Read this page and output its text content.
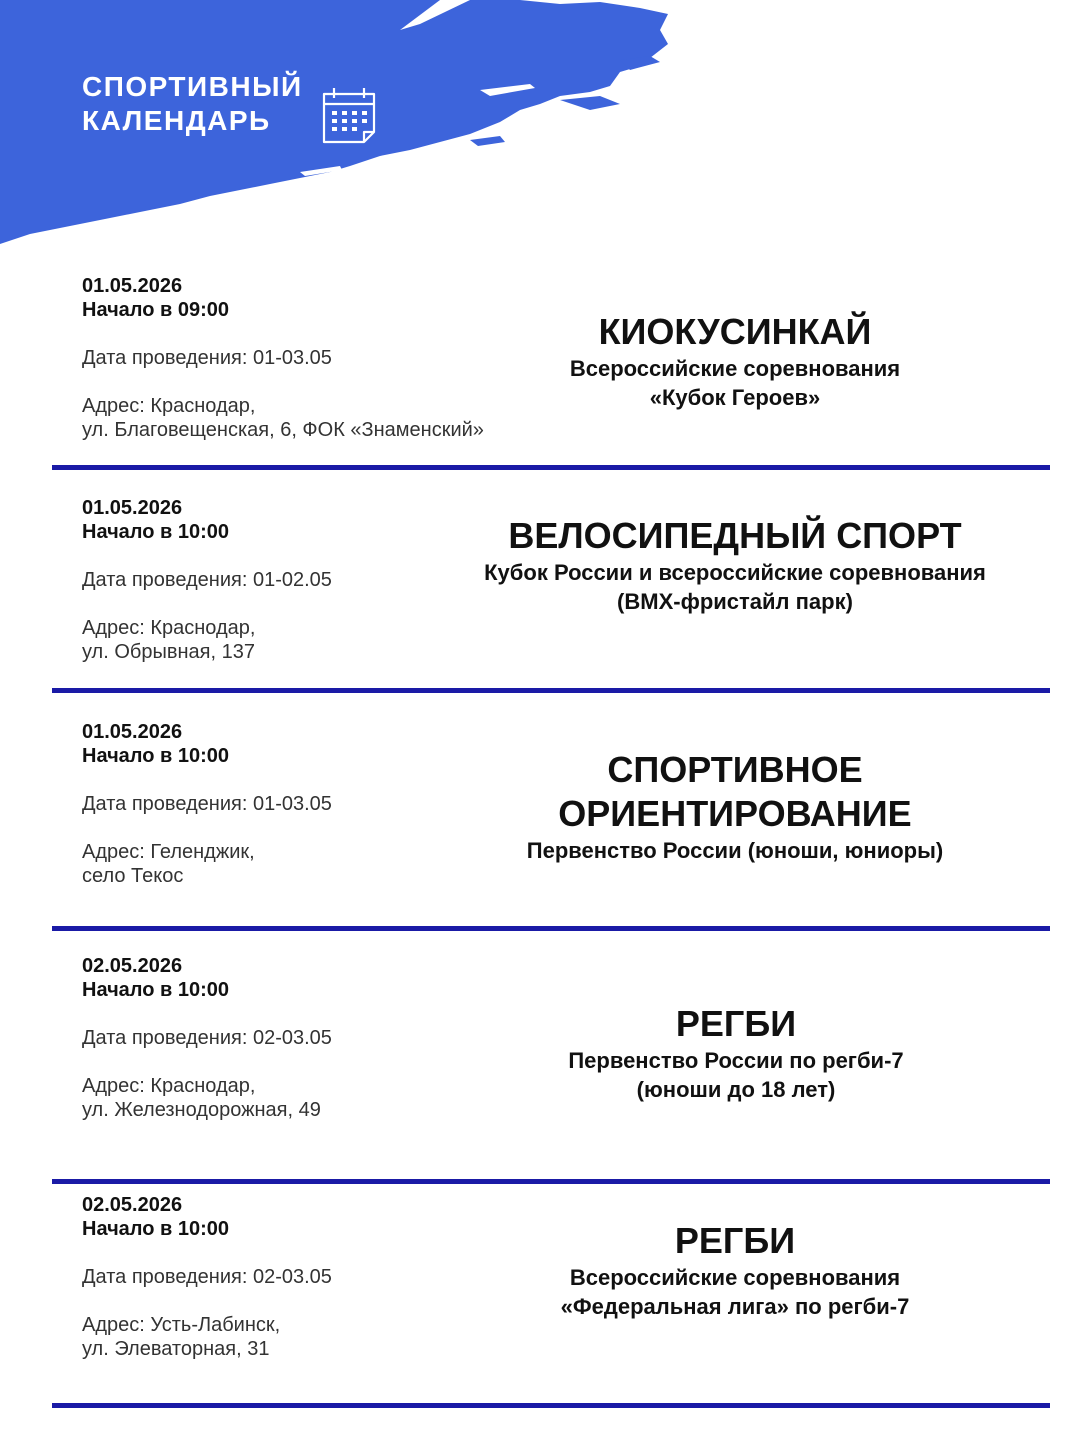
СПОРТИВНЫЙ
КАЛЕНДАРЬ
01.05.2026
Начало в 09:00
Дата проведения: 01-03.05
Адрес: Краснодар,
ул. Благовещенская, 6, ФОК «Знаменский»
КИОКУСИНКАЙ
Всероссийские соревнования
«Кубок Героев»
01.05.2026
Начало в 10:00
Дата проведения: 01-02.05
Адрес: Краснодар,
ул. Обрывная, 137
ВЕЛОСИПЕДНЫЙ СПОРТ
Кубок России и всероссийские соревнования
(ВМХ-фристайл парк)
01.05.2026
Начало в 10:00
Дата проведения: 01-03.05
Адрес: Геленджик,
село Текос
СПОРТИВНОЕ
ОРИЕНТИРОВАНИЕ
Первенство России (юноши, юниоры)
02.05.2026
Начало в 10:00
Дата проведения: 02-03.05
Адрес: Краснодар,
ул. Железнодорожная, 49
РЕГБИ
Первенство России по регби-7
(юноши до 18 лет)
02.05.2026
Начало в 10:00
Дата проведения: 02-03.05
Адрес: Усть-Лабинск,
ул. Элеваторная, 31
РЕГБИ
Всероссийские соревнования
«Федеральная лига» по регби-7
